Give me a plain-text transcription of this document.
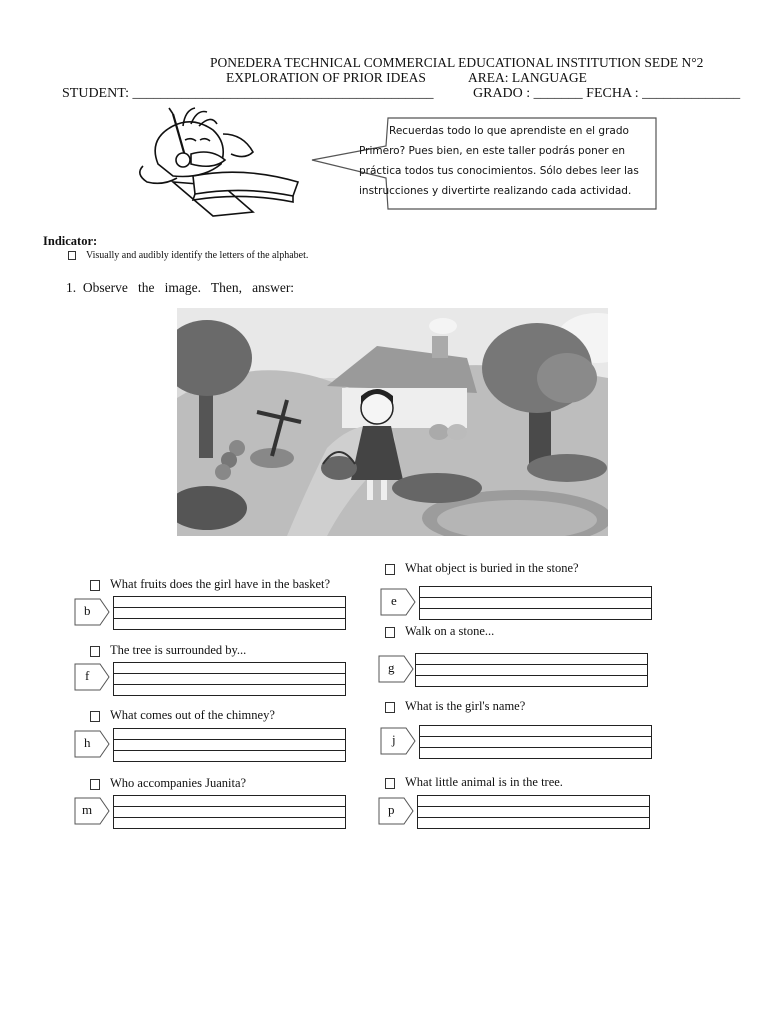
PONEDERA TECHNICAL COMMERCIAL EDUCATIONAL INSTITUTION SEDE N°2
EXPLORATION OF PRIOR IDEAS	AREA: LANGUAGE
STUDENT: ___________________________________________	GRADO : _______ FECHA : ______________
Recuerdas todo lo que aprendiste en el grado
Primero? Pues bien, en este taller podrás poner en
práctica todos tus conocimientos. Sólo debes leer las
instrucciones y divertirte realizando cada actividad.
Indicator:
Visually and audibly identify the letters of the alphabet.
1. Observe   the   image.   Then,   answer:
What fruits does the girl have in the basket?
b
The tree is surrounded by...
f
What comes out of the chimney?
h
Who accompanies Juanita?
m
What object is buried in the stone?
e
Walk on a stone...
g
What is the girl's name?
j
What little animal is in the tree.
p
